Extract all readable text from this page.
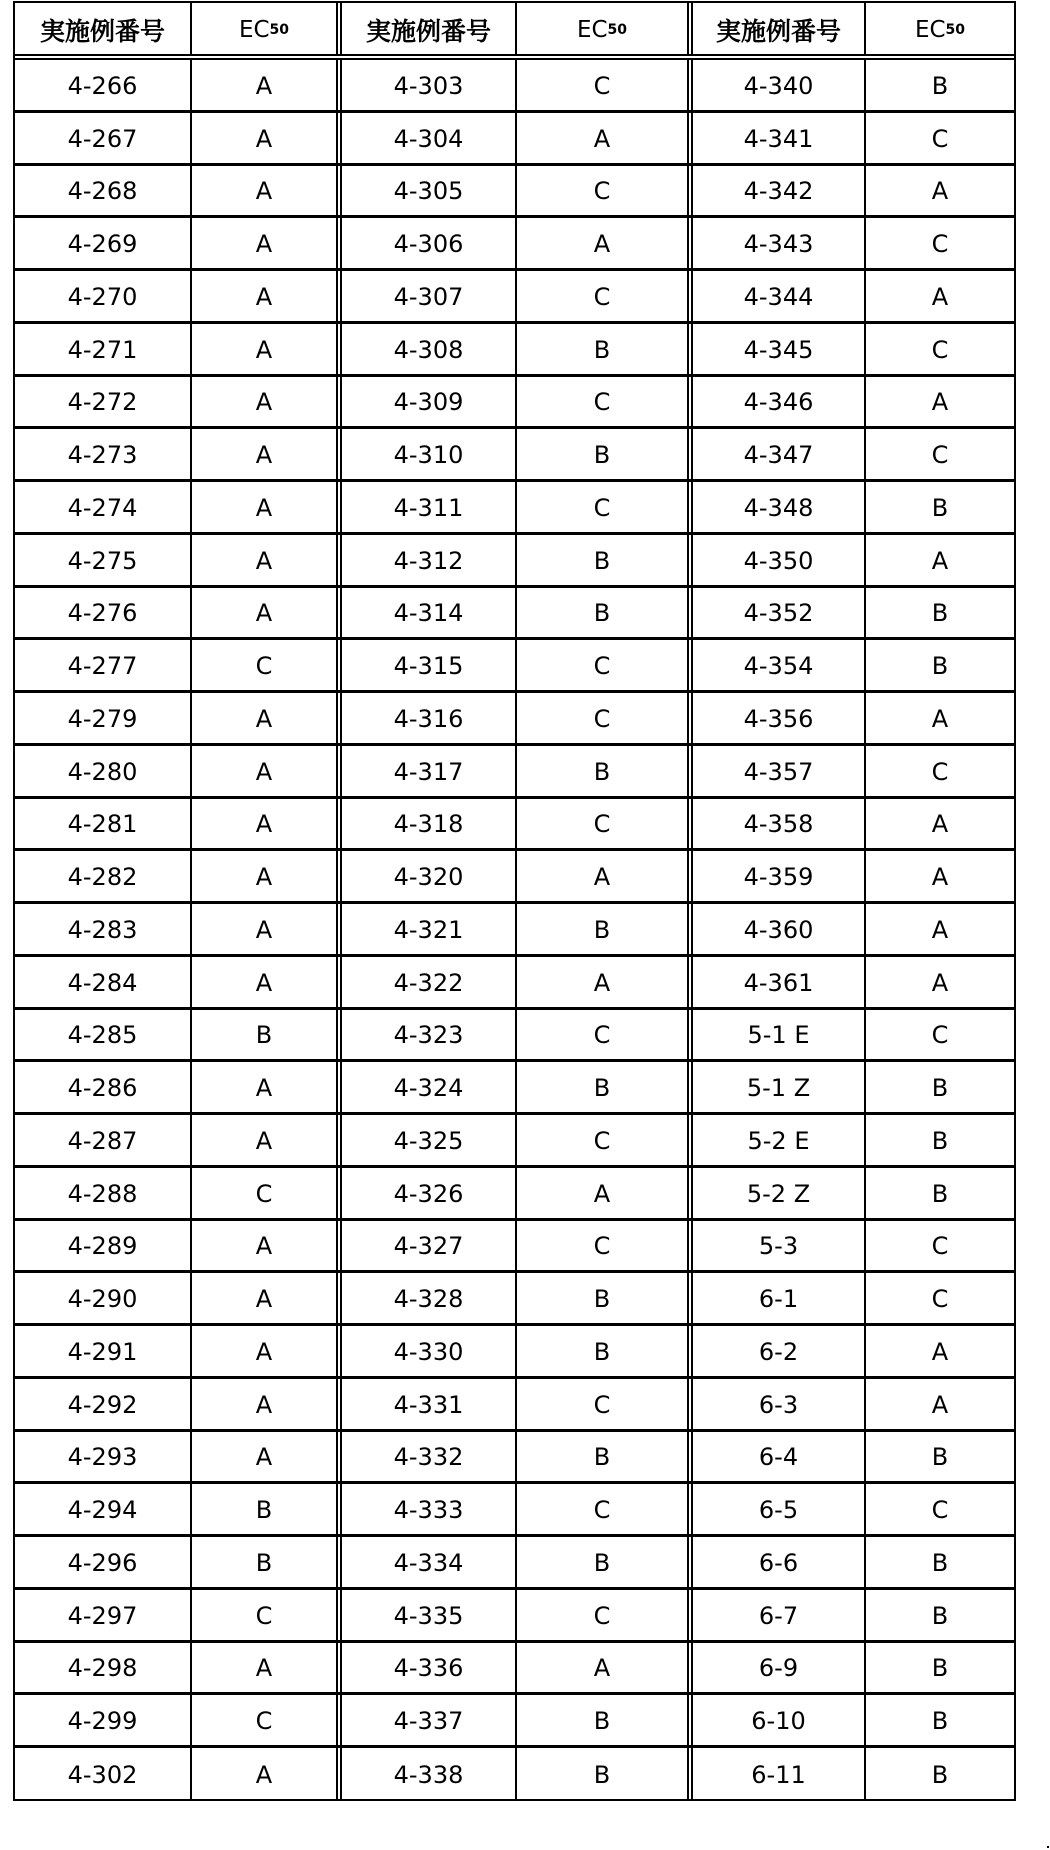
実施例番号	EC 50	実施例番号	EC 50	実施例番号	EC 50
4-266	A	4-303	C	4-340	B
4-267	A	4-304	A	4-341	C
4-268	A	4-305	C	4-342	A
4-269	A	4-306	A	4-343	C
4-270	A	4-307	C	4-344	A
4-271	A	4-308	B	4-345	C
4-272	A	4-309	C	4-346	A
4-273	A	4-310	B	4-347	C
4-274	A	4-311	C	4-348	B
4-275	A	4-312	B	4-350	A
4-276	A	4-314	B	4-352	B
4-277	C	4-315	C	4-354	B
4-279	A	4-316	C	4-356	A
4-280	A	4-317	B	4-357	C
4-281	A	4-318	C	4-358	A
4-282	A	4-320	A	4-359	A
4-283	A	4-321	B	4-360	A
4-284	A	4-322	A	4-361	A
4-285	B	4-323	C	5-1 E	C
4-286	A	4-324	B	5-1 Z	B
4-287	A	4-325	C	5-2 E	B
4-288	C	4-326	A	5-2 Z	B
4-289	A	4-327	C	5-3	C
4-290	A	4-328	B	6-1	C
4-291	A	4-330	B	6-2	A
4-292	A	4-331	C	6-3	A
4-293	A	4-332	B	6-4	B
4-294	B	4-333	C	6-5	C
4-296	B	4-334	B	6-6	B
4-297	C	4-335	C	6-7	B
4-298	A	4-336	A	6-9	B
4-299	C	4-337	B	6-10	B
4-302	A	4-338	B	6-11	B
